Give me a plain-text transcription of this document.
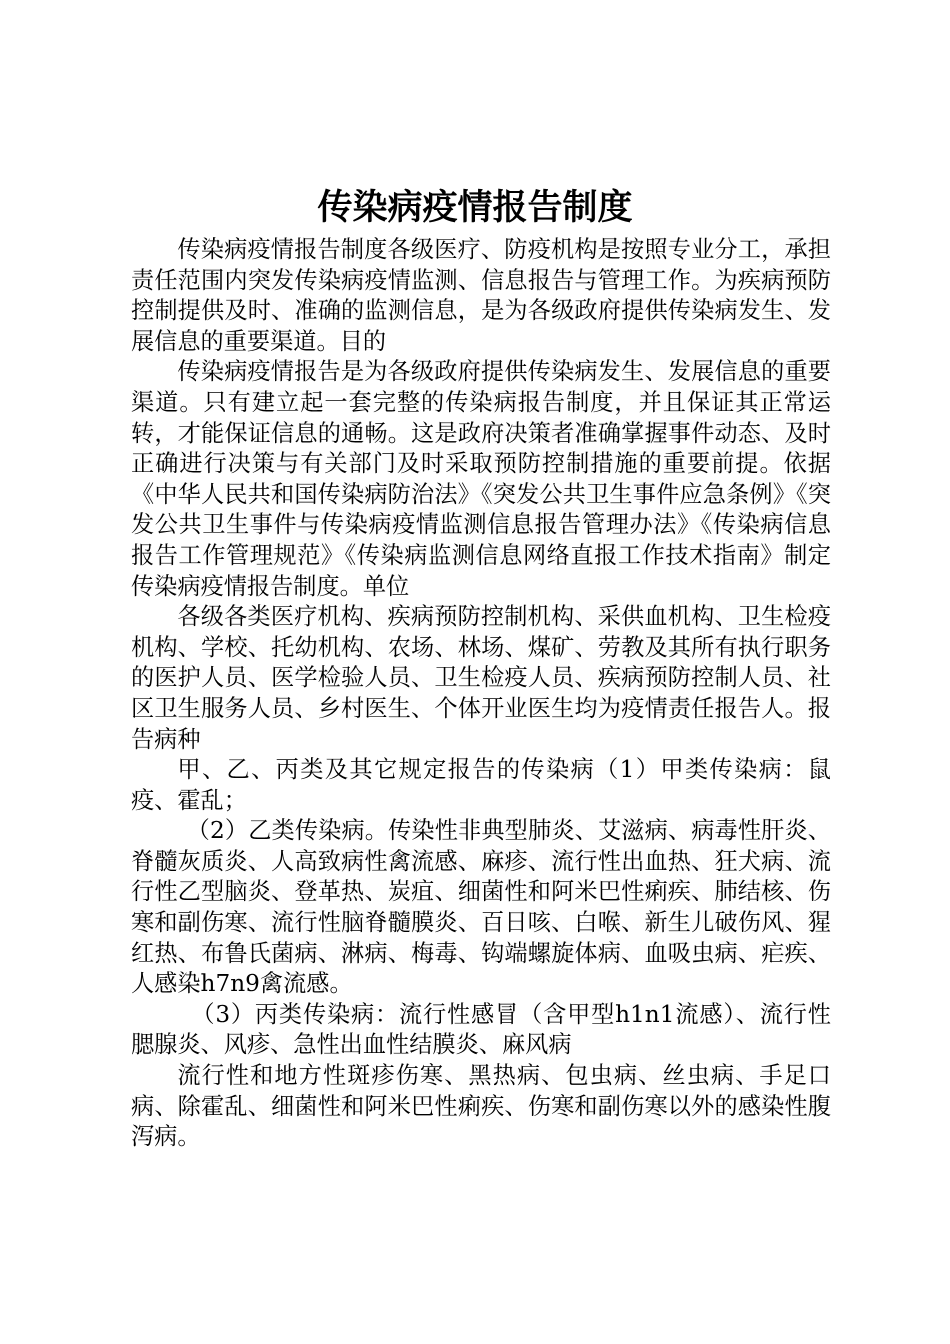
传染病疫情报告制度

传染病疫情报告制度各级医疗、防疫机构是按照专业分工，承担责任范围内突发传染病疫情监测、信息报告与管理工作。为疾病预防控制提供及时、准确的监测信息，是为各级政府提供传染病发生、发展信息的重要渠道。目的

传染病疫情报告是为各级政府提供传染病发生、发展信息的重要渠道。只有建立起一套完整的传染病报告制度，并且保证其正常运转，才能保证信息的通畅。这是政府决策者准确掌握事件动态、及时正确进行决策与有关部门及时采取预防控制措施的重要前提。依据《中华人民共和国传染病防治法》《突发公共卫生事件应急条例》《突发公共卫生事件与传染病疫情监测信息报告管理办法》《传染病信息报告工作管理规范》《传染病监测信息网络直报工作技术指南》制定传染病疫情报告制度。单位

各级各类医疗机构、疾病预防控制机构、采供血机构、卫生检疫机构、学校、托幼机构、农场、林场、煤矿、劳教及其所有执行职务的医护人员、医学检验人员、卫生检疫人员、疾病预防控制人员、社区卫生服务人员、乡村医生、个体开业医生均为疫情责任报告人。报告病种

甲、乙、丙类及其它规定报告的传染病（1）甲类传染病：鼠疫、霍乱；

（2）乙类传染病。传染性非典型肺炎、艾滋病、病毒性肝炎、脊髓灰质炎、人高致病性禽流感、麻疹、流行性出血热、狂犬病、流行性乙型脑炎、登革热、炭疽、细菌性和阿米巴性痢疾、肺结核、伤寒和副伤寒、流行性脑脊髓膜炎、百日咳、白喉、新生儿破伤风、猩红热、布鲁氏菌病、淋病、梅毒、钩端螺旋体病、血吸虫病、疟疾、人感染h7n9禽流感。

（3）丙类传染病：流行性感冒（含甲型h1n1流感）、流行性腮腺炎、风疹、急性出血性结膜炎、麻风病

流行性和地方性斑疹伤寒、黑热病、包虫病、丝虫病、手足口病、除霍乱、细菌性和阿米巴性痢疾、伤寒和副伤寒以外的感染性腹泻病。
